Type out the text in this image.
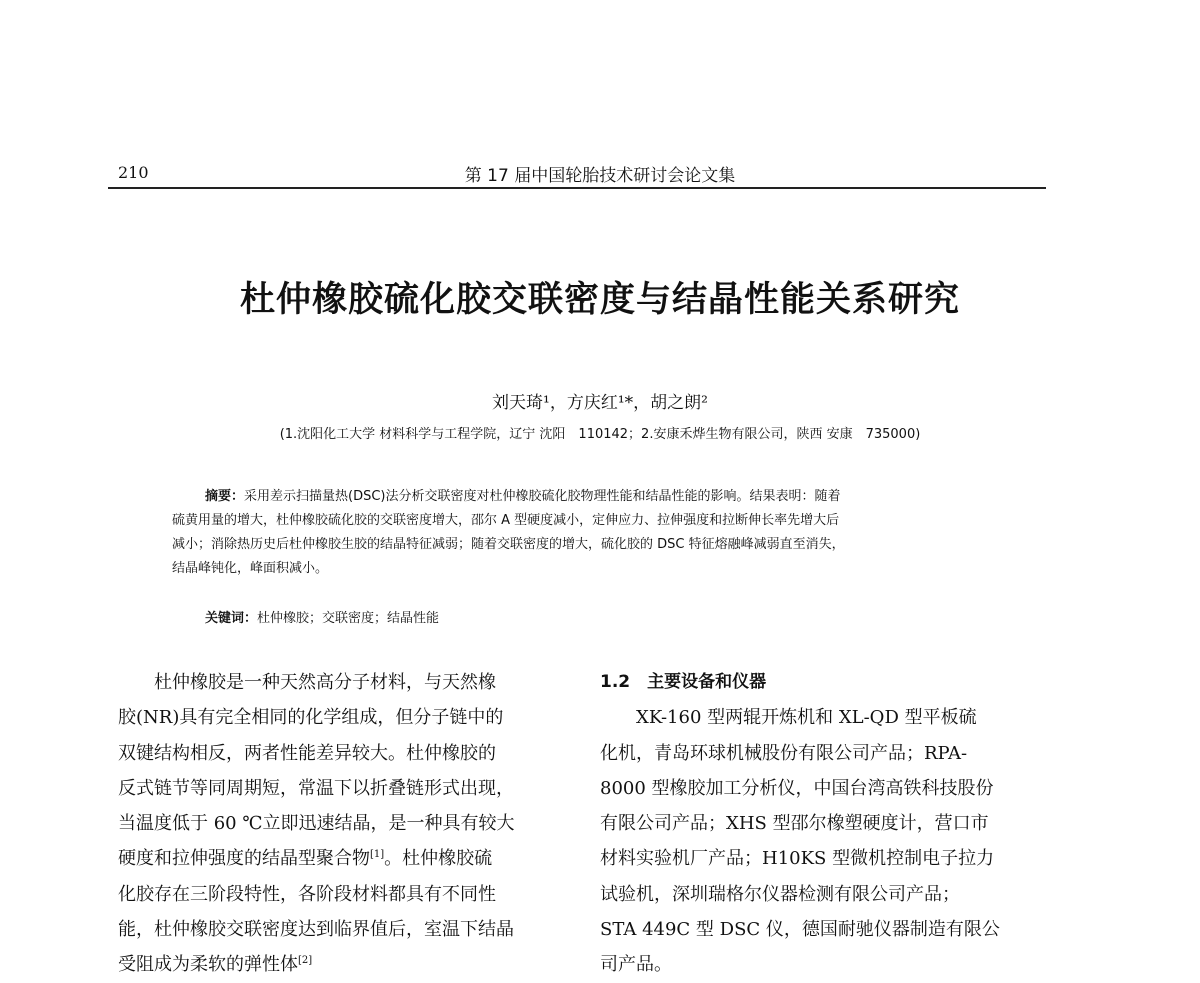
210	第 17 届中国轮胎技术研讨会论文集
杜仲橡胶硫化胶交联密度与结晶性能关系研究
刘天琦¹，方庆红¹*，胡之朗²
(1.沈阳化工大学 材料科学与工程学院，辽宁 沈阳　110142；2.安康禾烨生物有限公司，陕西 安康　735000)
摘要：采用差示扫描量热(DSC)法分析交联密度对杜仲橡胶硫化胶物理性能和结晶性能的影响。结果表明：随着
硫黄用量的增大，杜仲橡胶硫化胶的交联密度增大，邵尔 A 型硬度减小，定伸应力、拉伸强度和拉断伸长率先增大后
减小；消除热历史后杜仲橡胶生胶的结晶特征减弱；随着交联密度的增大，硫化胶的 DSC 特征熔融峰减弱直至消失，
结晶峰钝化，峰面积减小。
关键词：杜仲橡胶；交联密度；结晶性能
　　杜仲橡胶是一种天然高分子材料，与天然橡
胶(NR)具有完全相同的化学组成，但分子链中的
双键结构相反，两者性能差异较大。杜仲橡胶的
反式链节等同周期短，常温下以折叠链形式出现，
当温度低于 60 ℃立即迅速结晶，是一种具有较大
硬度和拉伸强度的结晶型聚合物[1]。杜仲橡胶硫
化胶存在三阶段特性，各阶段材料都具有不同性
能，杜仲橡胶交联密度达到临界值后，室温下结晶
受阻成为柔软的弹性体[2]
1.2　主要设备和仪器
　　XK-160 型两辊开炼机和 XL-QD 型平板硫
化机，青岛环球机械股份有限公司产品；RPA-
8000 型橡胶加工分析仪，中国台湾高铁科技股份
有限公司产品；XHS 型邵尔橡塑硬度计，营口市
材料实验机厂产品；H10KS 型微机控制电子拉力
试验机，深圳瑞格尔仪器检测有限公司产品；
STA 449C 型 DSC 仪，德国耐驰仪器制造有限公
司产品。
